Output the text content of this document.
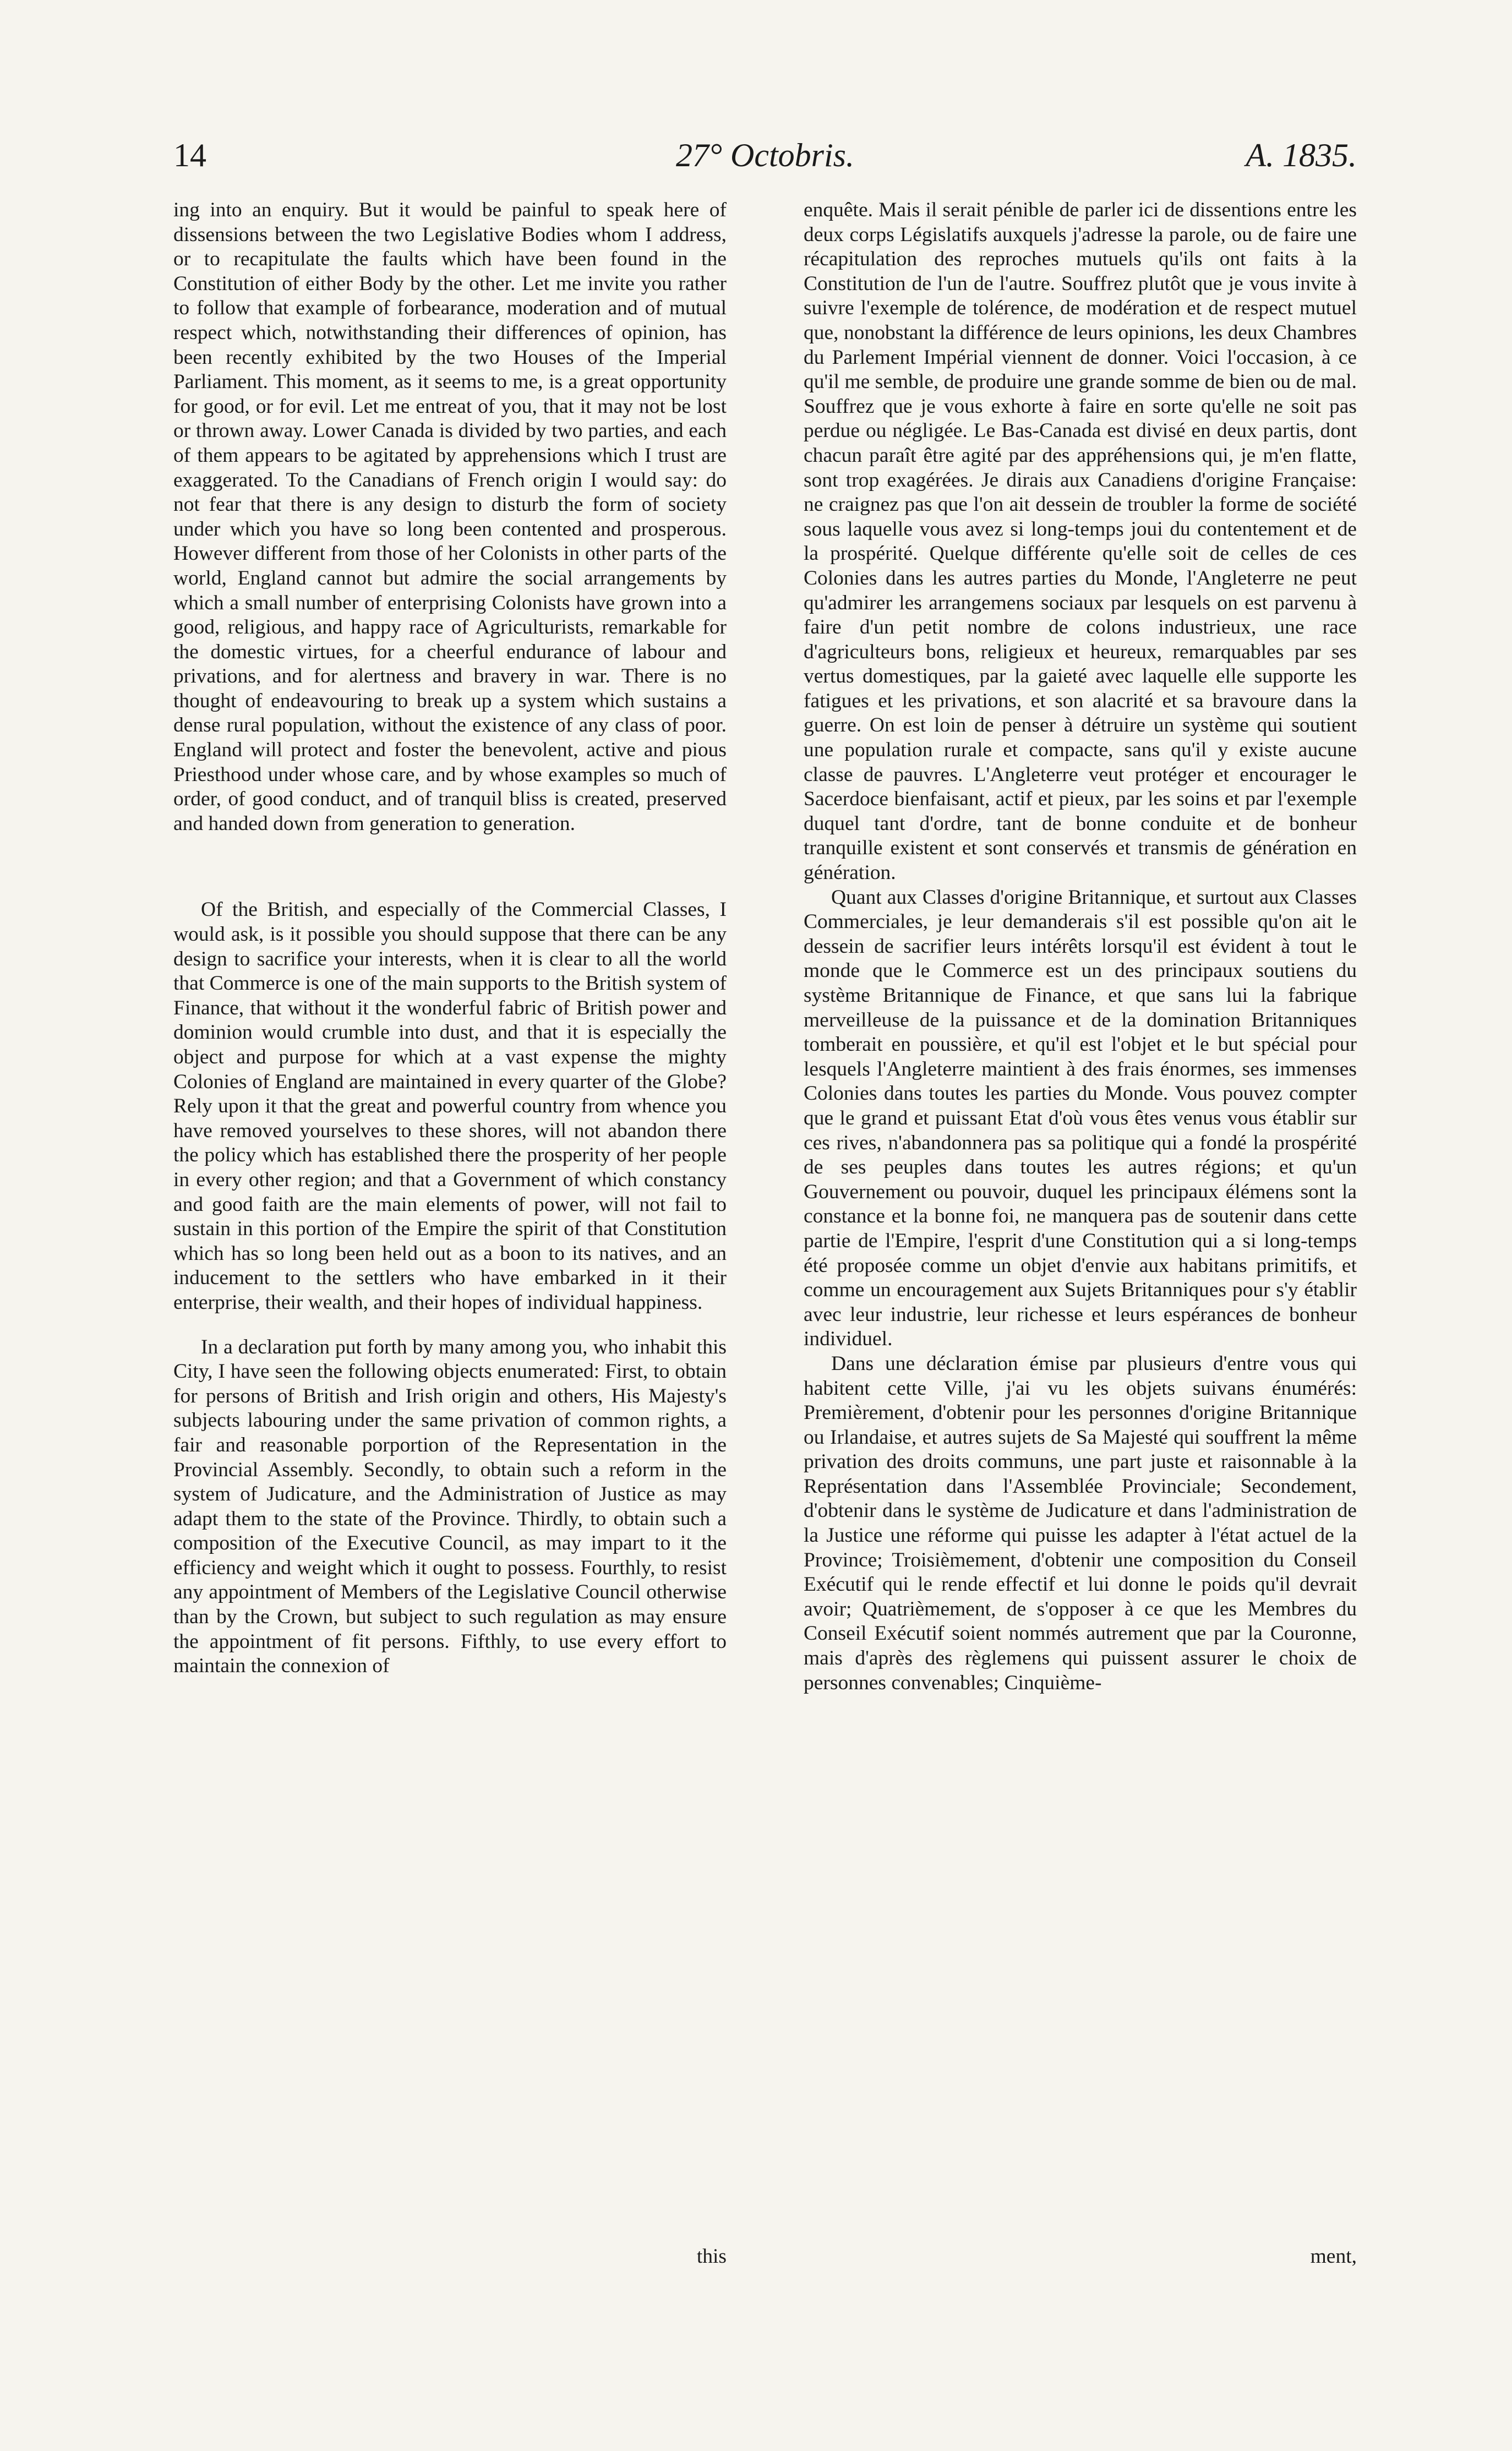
14	27° Octobris.	A. 1835.

ing into an enquiry. But it would be painful to speak here of dissensions between the two Legislative Bodies whom I address, or to recapitulate the faults which have been found in the Constitution of either Body by the other. Let me invite you rather to follow that example of forbearance, moderation and of mutual respect which, notwithstanding their differences of opinion, has been recently exhibited by the two Houses of the Imperial Parliament. This moment, as it seems to me, is a great opportunity for good, or for evil. Let me entreat of you, that it may not be lost or thrown away. Lower Canada is divided by two parties, and each of them appears to be agitated by apprehensions which I trust are exaggerated. To the Canadians of French origin I would say: do not fear that there is any design to disturb the form of society under which you have so long been contented and prosperous. However different from those of her Colonists in other parts of the world, England cannot but admire the social arrangements by which a small number of enterprising Colonists have grown into a good, religious, and happy race of Agriculturists, remarkable for the domestic virtues, for a cheerful endurance of labour and privations, and for alertness and bravery in war. There is no thought of endeavouring to break up a system which sustains a dense rural population, without the existence of any class of poor. England will protect and foster the benevolent, active and pious Priesthood under whose care, and by whose examples so much of order, of good conduct, and of tranquil bliss is created, preserved and handed down from generation to generation.

Of the British, and especially of the Commercial Classes, I would ask, is it possible you should suppose that there can be any design to sacrifice your interests, when it is clear to all the world that Commerce is one of the main supports to the British system of Finance, that without it the wonderful fabric of British power and dominion would crumble into dust, and that it is especially the object and purpose for which at a vast expense the mighty Colonies of England are maintained in every quarter of the Globe? Rely upon it that the great and powerful country from whence you have removed yourselves to these shores, will not abandon there the policy which has established there the prosperity of her people in every other region; and that a Government of which constancy and good faith are the main elements of power, will not fail to sustain in this portion of the Empire the spirit of that Constitution which has so long been held out as a boon to its natives, and an inducement to the settlers who have embarked in it their enterprise, their wealth, and their hopes of individual happiness.

In a declaration put forth by many among you, who inhabit this City, I have seen the following objects enumerated: First, to obtain for persons of British and Irish origin and others, His Majesty's subjects labouring under the same privation of common rights, a fair and reasonable porportion of the Representation in the Provincial Assembly. Secondly, to obtain such a reform in the system of Judicature, and the Administration of Justice as may adapt them to the state of the Province. Thirdly, to obtain such a composition of the Executive Council, as may impart to it the efficiency and weight which it ought to possess. Fourthly, to resist any appointment of Members of the Legislative Council otherwise than by the Crown, but subject to such regulation as may ensure the appointment of fit persons. Fifthly, to use every effort to maintain the connexion of

this

enquête. Mais il serait pénible de parler ici de dissentions entre les deux corps Législatifs auxquels j'adresse la parole, ou de faire une récapitulation des reproches mutuels qu'ils ont faits à la Constitution de l'un de l'autre. Souffrez plutôt que je vous invite à suivre l'exemple de tolérence, de modération et de respect mutuel que, nonobstant la différence de leurs opinions, les deux Chambres du Parlement Impérial viennent de donner. Voici l'occasion, à ce qu'il me semble, de produire une grande somme de bien ou de mal. Souffrez que je vous exhorte à faire en sorte qu'elle ne soit pas perdue ou négligée. Le Bas-Canada est divisé en deux partis, dont chacun paraît être agité par des appréhensions qui, je m'en flatte, sont trop exagérées. Je dirais aux Canadiens d'origine Française: ne craignez pas que l'on ait dessein de troubler la forme de société sous laquelle vous avez si long-temps joui du contentement et de la prospérité. Quelque différente qu'elle soit de celles de ces Colonies dans les autres parties du Monde, l'Angleterre ne peut qu'admirer les arrangemens sociaux par lesquels on est parvenu à faire d'un petit nombre de colons industrieux, une race d'agriculteurs bons, religieux et heureux, remarquables par ses vertus domestiques, par la gaieté avec laquelle elle supporte les fatigues et les privations, et son alacrité et sa bravoure dans la guerre. On est loin de penser à détruire un système qui soutient une population rurale et compacte, sans qu'il y existe aucune classe de pauvres. L'Angleterre veut protéger et encourager le Sacerdoce bienfaisant, actif et pieux, par les soins et par l'exemple duquel tant d'ordre, tant de bonne conduite et de bonheur tranquille existent et sont conservés et transmis de génération en génération.

Quant aux Classes d'origine Britannique, et surtout aux Classes Commerciales, je leur demanderais s'il est possible qu'on ait le dessein de sacrifier leurs intérêts lorsqu'il est évident à tout le monde que le Commerce est un des principaux soutiens du système Britannique de Finance, et que sans lui la fabrique merveilleuse de la puissance et de la domination Britanniques tomberait en poussière, et qu'il est l'objet et le but spécial pour lesquels l'Angleterre maintient à des frais énormes, ses immenses Colonies dans toutes les parties du Monde. Vous pouvez compter que le grand et puissant Etat d'où vous êtes venus vous établir sur ces rives, n'abandonnera pas sa politique qui a fondé la prospérité de ses peuples dans toutes les autres régions; et qu'un Gouvernement ou pouvoir, duquel les principaux élémens sont la constance et la bonne foi, ne manquera pas de soutenir dans cette partie de l'Empire, l'esprit d'une Constitution qui a si long-temps été proposée comme un objet d'envie aux habitans primitifs, et comme un encouragement aux Sujets Britanniques pour s'y établir avec leur industrie, leur richesse et leurs espérances de bonheur individuel.

Dans une déclaration émise par plusieurs d'entre vous qui habitent cette Ville, j'ai vu les objets suivans énumérés: Premièrement, d'obtenir pour les personnes d'origine Britannique ou Irlandaise, et autres sujets de Sa Majesté qui souffrent la même privation des droits communs, une part juste et raisonnable à la Représentation dans l'Assemblée Provinciale; Secondement, d'obtenir dans le système de Judicature et dans l'administration de la Justice une réforme qui puisse les adapter à l'état actuel de la Province; Troisièmement, d'obtenir une composition du Conseil Exécutif qui le rende effectif et lui donne le poids qu'il devrait avoir; Quatrièmement, de s'opposer à ce que les Membres du Conseil Exécutif soient nommés autrement que par la Couronne, mais d'après des règlemens qui puissent assurer le choix de personnes convenables; Cinquième-

ment,
